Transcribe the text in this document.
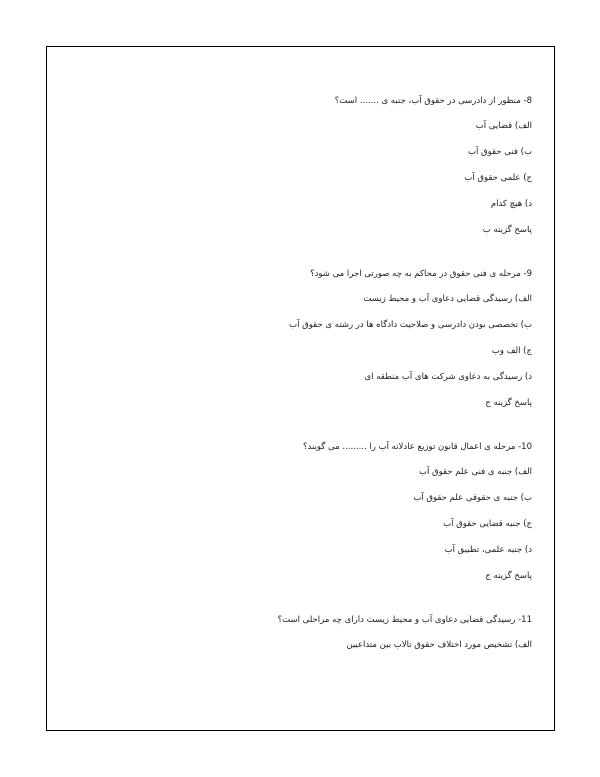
8- منظور از دادرسی در حقوق آب، جنبه ی ....... است؟
الف) قضایی آب
ب) فنی حقوق آب
ج) علمی حقوق آب
د) هیچ کدام
پاسخ گزینه ب
9- مرحله ی فنی حقوق در محاکم به چه صورتی اجرا می شود؟
الف) رسیدگی قضایی دعاوی آب و محیط زیست
ب) تخصصی بودن دادرسی و صلاحیت دادگاه ها در رشته ی حقوق آب
ج) الف وب
د) رسیدگی به دعاوی شرکت های آب منطقه ای
پاسخ گزینه ج
10- مرحله ی اعمال قانون توزیع عادلانه آب را ......... می گویند؟
الف) جنبه ی فنی علم حقوق آب
ب) جنبه ی حقوقی علم حقوق آب
ج) جنبه قضایی حقوق آب
د) جنبه علمی، تطبیق آب
پاسخ گزینه ج
11- رسیدگی قضایی دعاوی آب و محیط زیست دارای چه مراحلی است؟
الف) تشخیص مورد اختلاف حقوق تالاب بین متداعیین
